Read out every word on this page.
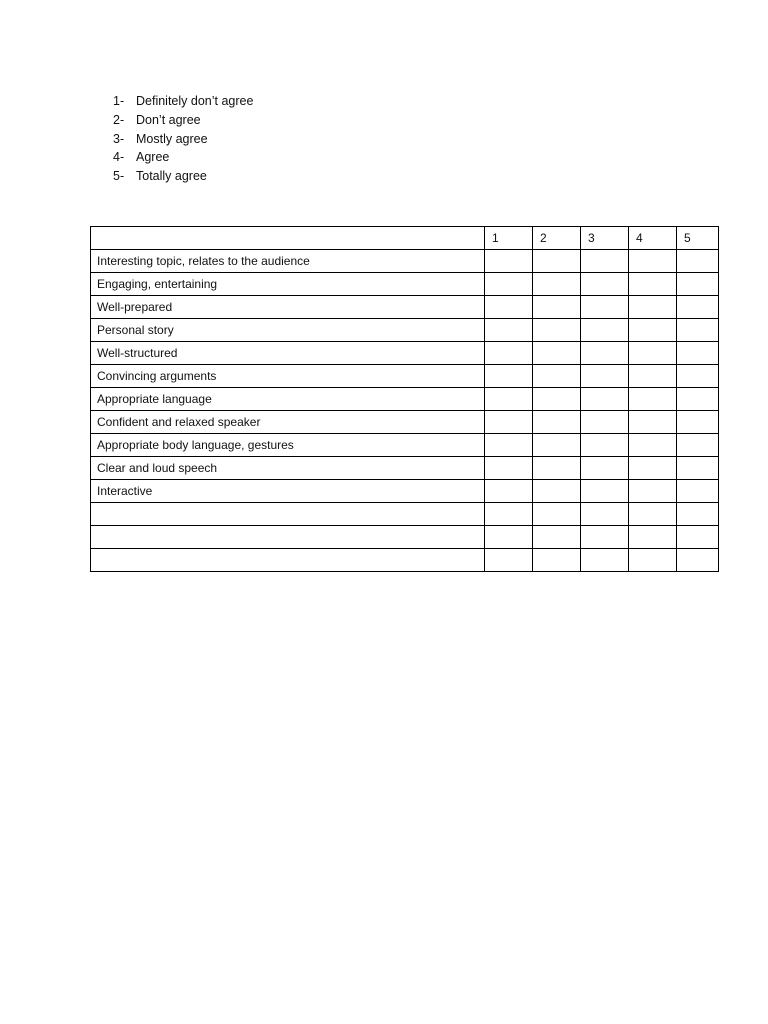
1- Definitely don’t agree
2- Don’t agree
3- Mostly agree
4- Agree
5- Totally agree
	1	2	3	4	5
Interesting topic, relates to the audience					
Engaging, entertaining					
Well-prepared					
Personal story					
Well-structured					
Convincing arguments					
Appropriate language					
Confident and relaxed speaker					
Appropriate body language, gestures					
Clear and loud speech					
Interactive					
